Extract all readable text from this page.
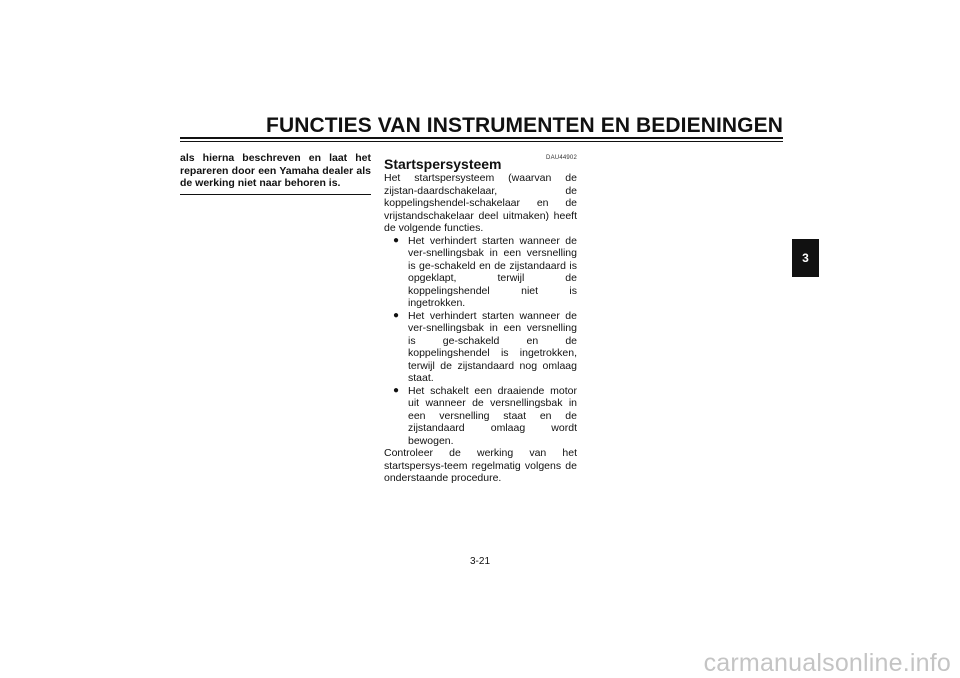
FUNCTIES VAN INSTRUMENTEN EN BEDIENINGEN
als hierna beschreven en laat het repareren door een Yamaha dealer als de werking niet naar behoren is.
DAU44902
Startspersysteem

Het startspersysteem (waarvan de zijstan-daardschakelaar, de koppelingshendel-schakelaar en de vrijstandschakelaar deel uitmaken) heeft de volgende functies.

● Het verhindert starten wanneer de ver-snellingsbak in een versnelling is ge-schakeld en de zijstandaard is opgeklapt, terwijl de koppelingshendel niet is ingetrokken.
● Het verhindert starten wanneer de ver-snellingsbak in een versnelling is ge-schakeld en de koppelingshendel is ingetrokken, terwijl de zijstandaard nog omlaag staat.
● Het schakelt een draaiende motor uit wanneer de versnellingsbak in een versnelling staat en de zijstandaard omlaag wordt bewogen.

Controleer de werking van het startspersys-teem regelmatig volgens de onderstaande procedure.

3
3-21
carmanualsonline.info
